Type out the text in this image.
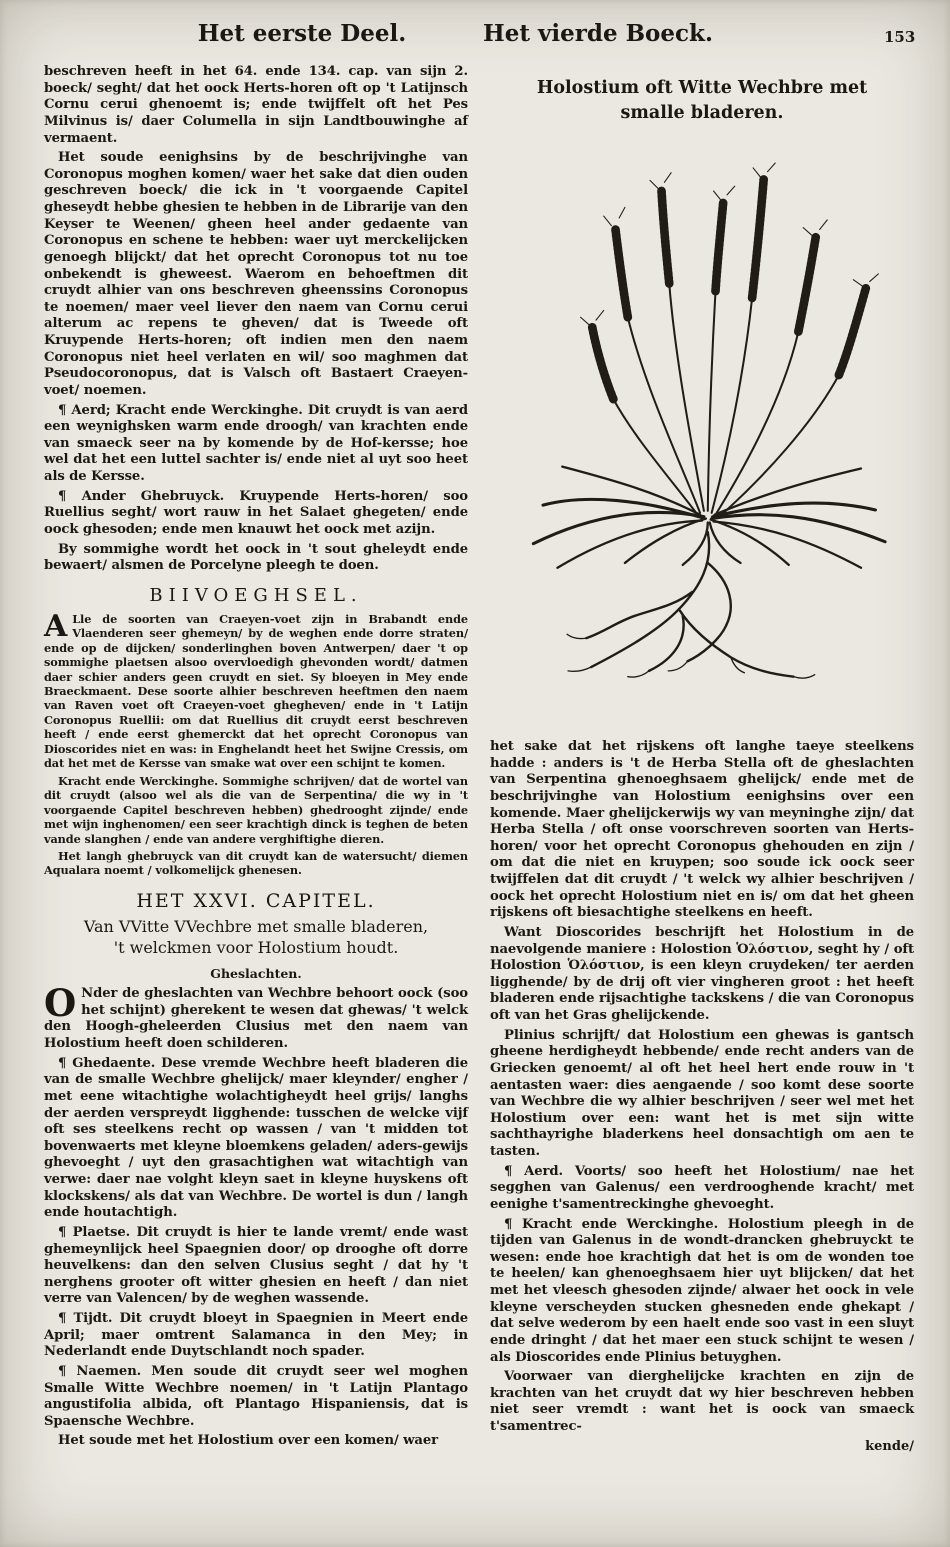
Het eerste Deel.	Het vierde Boeck.	153

beschreven heeft in het 64. ende 134. cap. van sijn 2. boeck/ seght/ dat het oock Herts-horen oft op 't Latijnsch Cornu cerui ghenoemt is; ende twijffelt oft het Pes Milvinus is/ daer Columella in sijn Landtbouwinghe af vermaent.

Het soude eenighsins by de beschrijvinghe van Coronopus moghen komen/ waer het sake dat dien ouden geschreven boeck/ die ick in 't voorgaende Capitel gheseydt hebbe ghesien te hebben in de Librarije van den Keyser te Weenen/ gheen heel ander gedaente van Coronopus en schene te hebben: waer uyt merckelijcken genoegh blijckt/ dat het oprecht Coronopus tot nu toe onbekendt is gheweest. Waerom en behoeftmen dit cruydt alhier van ons beschreven gheenssins Coronopus te noemen/ maer veel liever den naem van Cornu cerui alterum ac repens te gheven/ dat is Tweede oft Kruypende Herts-horen; oft indien men den naem Coronopus niet heel verlaten en wil/ soo maghmen dat Pseudocoronopus, dat is Valsch oft Bastaert Craeyen-voet/ noemen.

¶ Aerd; Kracht ende Werckinghe. Dit cruydt is van aerd een weynighsken warm ende droogh/ van krachten ende van smaeck seer na by komende by de Hof-kersse; hoe wel dat het een luttel sachter is/ ende niet al uyt soo heet als de Kersse.

¶ Ander Ghebruyck. Kruypende Herts-horen/ soo Ruellius seght/ wort rauw in het Salaet ghegeten/ ende oock ghesoden; ende men knauwt het oock met azijn.

By sommighe wordt het oock in 't sout gheleydt ende bewaert/ alsmen de Porcelyne pleegh te doen.

BIIVOEGHSEL.

A Lle de soorten van Craeyen-voet zijn in Brabandt ende Vlaenderen seer ghemeyn/ by de weghen ende dorre straten/ ende op de dijcken/ sonderlinghen boven Antwerpen/ daer 't op sommighe plaetsen alsoo overvloedigh ghevonden wordt/ datmen daer schier anders geen cruydt en siet. Sy bloeyen in Mey ende Braeckmaent. Dese soorte alhier beschreven heeftmen den naem van Raven voet oft Craeyen-voet ghegheven/ ende in 't Latijn Coronopus Ruellii: om dat Ruellius dit cruydt eerst beschreven heeft / ende eerst ghemerckt dat het oprecht Coronopus van Dioscorides niet en was: in Enghelandt heet het Swijne Cressis, om dat het met de Kersse van smake wat over een schijnt te komen.

Kracht ende Werckinghe. Sommighe schrijven/ dat de wortel van dit cruydt (alsoo wel als die van de Serpentina/ die wy in 't voorgaende Capitel beschreven hebben) ghedrooght zijnde/ ende met wijn inghenomen/ een seer krachtigh dinck is teghen de beten vande slanghen / ende van andere verghiftighe dieren.

Het langh ghebruyck van dit cruydt kan de watersucht/ diemen Aqualara noemt / volkomelijck ghenesen.

HET XXVI. CAPITEL.
Van VVitte VVechbre met smalle bladeren,
't welckmen voor Holostium houdt.
Gheslachten.

O Nder de gheslachten van Wechbre behoort oock (soo het schijnt) gherekent te wesen dat ghewas/ 't welck den Hoogh-gheleerden Clusius met den naem van Holostium heeft doen schilderen.

¶ Ghedaente. Dese vremde Wechbre heeft bladeren die van de smalle Wechbre ghelijck/ maer kleynder/ engher / met eene witachtighe wolachtigheydt heel grijs/ langhs der aerden verspreydt ligghende: tusschen de welcke vijf oft ses steelkens recht op wassen / van 't midden tot bovenwaerts met kleyne bloemkens geladen/ aders-gewijs ghevoeght / uyt den grasachtighen wat witachtigh van verwe: daer nae volght kleyn saet in kleyne huyskens oft klockskens/ als dat van Wechbre. De wortel is dun / langh ende houtachtigh.

¶ Plaetse. Dit cruydt is hier te lande vremt/ ende wast ghemeynlijck heel Spaegnien door/ op drooghe oft dorre heuvelkens: dan den selven Clusius seght / dat hy 't nerghens grooter oft witter ghesien en heeft / dan niet verre van Valencen/ by de weghen wassende.

¶ Tijdt. Dit cruydt bloeyt in Spaegnien in Meert ende April; maer omtrent Salamanca in den Mey; in Nederlandt ende Duytschlandt noch spader.

¶ Naemen. Men soude dit cruydt seer wel moghen Smalle Witte Wechbre noemen/ in 't Latijn Plantago angustifolia albida, oft Plantago Hispaniensis, dat is Spaensche Wechbre.

Het soude met het Holostium over een komen/ waer

Holostium oft Witte Wechbre met
smalle bladeren.

het sake dat het rijskens oft langhe taeye steelkens hadde : anders is 't de Herba Stella oft de gheslachten van Serpentina ghenoeghsaem ghelijck/ ende met de beschrijvinghe van Holostium eenighsins over een komende. Maer ghelijckerwijs wy van meyninghe zijn/ dat Herba Stella / oft onse voorschreven soorten van Herts-horen/ voor het oprecht Coronopus ghehouden en zijn / om dat die niet en kruypen; soo soude ick oock seer twijffelen dat dit cruydt / 't welck wy alhier beschrijven / oock het oprecht Holostium niet en is/ om dat het gheen rijskens oft biesachtighe steelkens en heeft.

Want Dioscorides beschrijft het Holostium in de naevolgende maniere : Holostion Ὁλόστιον, seght hy / oft Holostion Ὁλόστιον, is een kleyn cruydeken/ ter aerden ligghende/ by de drij oft vier vingheren groot : het heeft bladeren ende rijsachtighe tackskens / die van Coronopus oft van het Gras ghelijckende.

Plinius schrijft/ dat Holostium een ghewas is gantsch gheene herdigheydt hebbende/ ende recht anders van de Griecken genoemt/ al oft het heel hert ende rouw in 't aentasten waer: dies aengaende / soo komt dese soorte van Wechbre die wy alhier beschrijven / seer wel met het Holostium over een: want het is met sijn witte sachthayrighe bladerkens heel donsachtigh om aen te tasten.

¶ Aerd. Voorts/ soo heeft het Holostium/ nae het segghen van Galenus/ een verdrooghende kracht/ met eenighe t'samentreckinghe ghevoeght.

¶ Kracht ende Werckinghe. Holostium pleegh in de tijden van Galenus in de wondt-drancken ghebruyckt te wesen: ende hoe krachtigh dat het is om de wonden toe te heelen/ kan ghenoeghsaem hier uyt blijcken/ dat het met het vleesch ghesoden zijnde/ alwaer het oock in vele kleyne verscheyden stucken ghesneden ende ghekapt / dat selve wederom by een haelt ende soo vast in een sluyt ende dringht / dat het maer een stuck schijnt te wesen / als Dioscorides ende Plinius betuyghen.

Voorwaer van dierghelijcke krachten en zijn de krachten van het cruydt dat wy hier beschreven hebben niet seer vremdt : want het is oock van smaeck t'samentrec-

kende/
